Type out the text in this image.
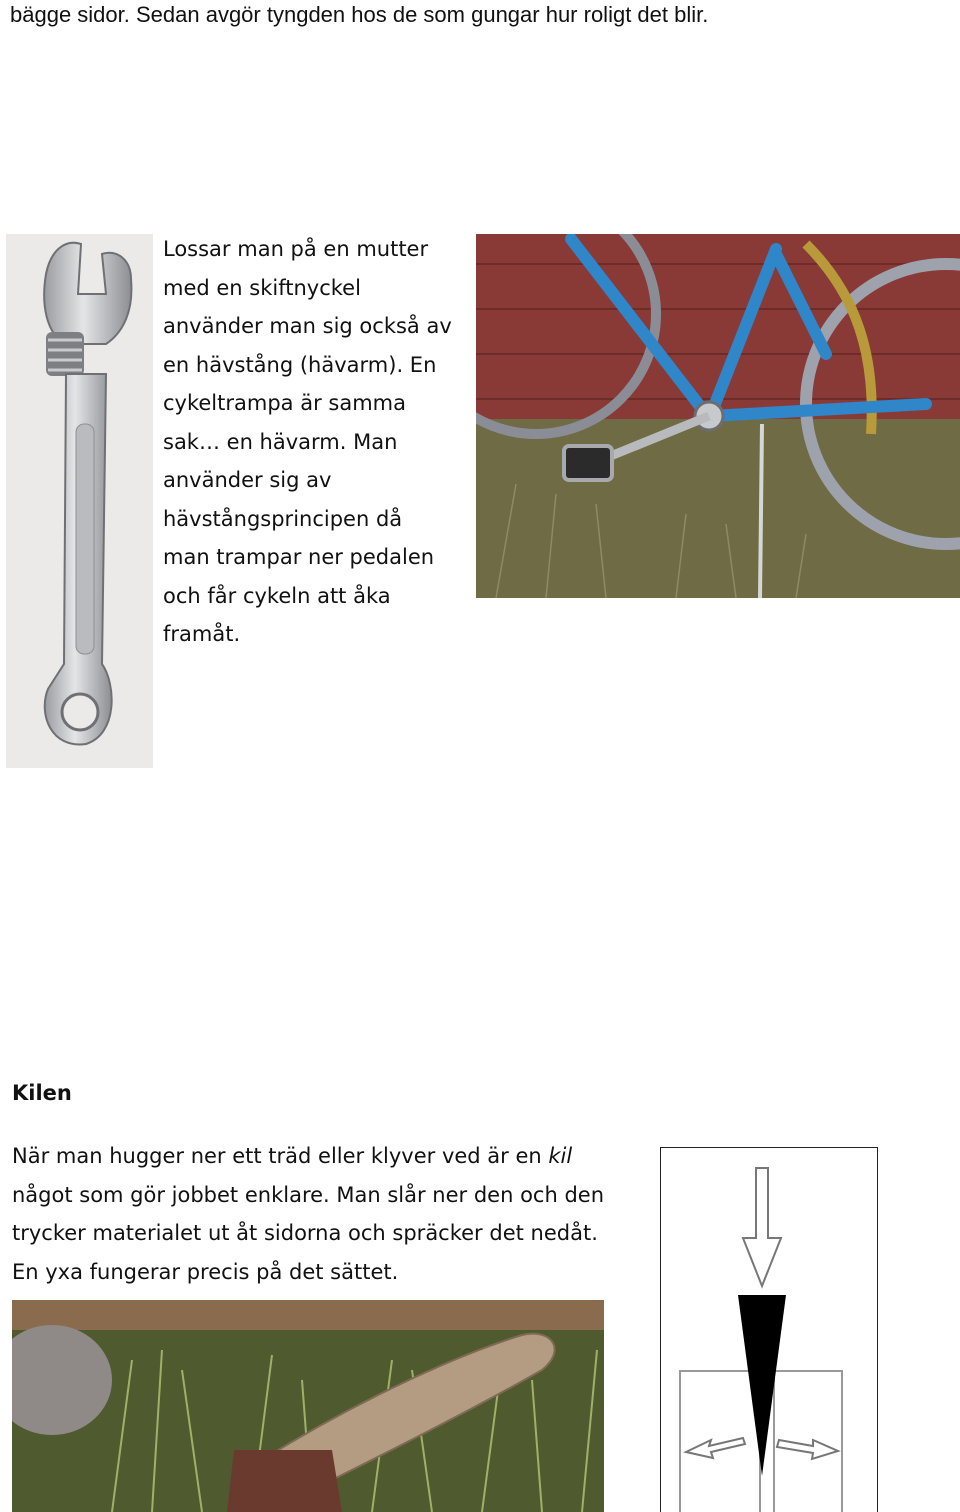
bägge sidor. Sedan avgör tyngden hos de som gungar hur roligt det blir.
Lossar man på en mutter
med en skiftnyckel
använder man sig också av
en hävstång (hävarm). En
cykeltrampa är samma
sak… en hävarm. Man
använder sig av
hävstångsprincipen då
man trampar ner pedalen
och får cykeln att åka
framåt.
Kilen
När man hugger ner ett träd eller klyver ved är en kil
något som gör jobbet enklare. Man slår ner den och den
trycker materialet ut åt sidorna och spräcker det nedåt.
En yxa fungerar precis på det sättet.
